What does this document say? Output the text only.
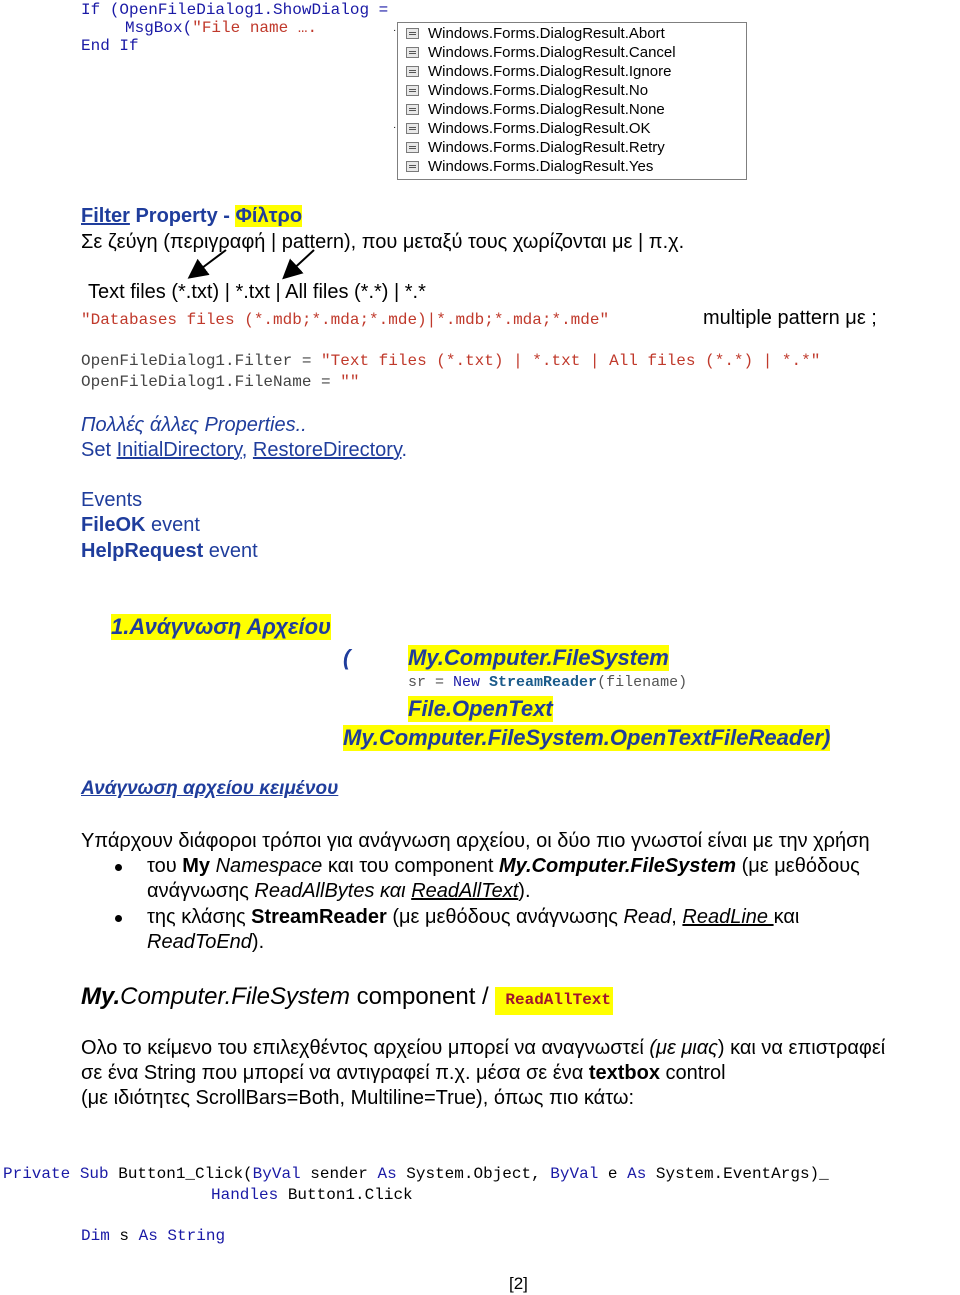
If (OpenFileDialog1.ShowDialog =
MsgBox("File name ….
End If
·
·
Windows.Forms.DialogResult.Abort
Windows.Forms.DialogResult.Cancel
Windows.Forms.DialogResult.Ignore
Windows.Forms.DialogResult.No
Windows.Forms.DialogResult.None
Windows.Forms.DialogResult.OK
Windows.Forms.DialogResult.Retry
Windows.Forms.DialogResult.Yes
Filter Property - Φίλτρο
Σε ζεύγη (περιγραφή | pattern), που μεταξύ τους χωρίζονται με | π.χ.
Text files (*.txt) | *.txt | All files (*.*) | *.*
"Databases files (*.mdb;*.mda;*.mde)|*.mdb;*.mda;*.mde"	multiple pattern με ;
OpenFileDialog1.Filter = "Text files (*.txt) | *.txt | All files (*.*) | *.*"
OpenFileDialog1.FileName = ""
Πολλές άλλες Properties..
Set InitialDirectory, RestoreDirectory.
Events
FileOK event
HelpRequest event
1.Ανάγνωση Αρχείου
(	My.Computer.FileSystem
sr = New StreamReader(filename)
File.OpenText
My.Computer.FileSystem.OpenTextFileReader)
Ανάγνωση αρχείου κειμένου
Υπάρχουν διάφοροι τρόποι για ανάγνωση αρχείου, οι δύο πιο γνωστοί είναι με την χρήση
του My Namespace και του component My.Computer.FileSystem (με μεθόδους
ανάγνωσης ReadAllBytes και ReadAllText).
της κλάσης StreamReader (με μεθόδους ανάγνωσης Read, ReadLine και
ReadToEnd).
My.Computer.FileSystem component / ReadAllText
Ολο το κείμενο του επιλεχθέντος αρχείου μπορεί να αναγνωστεί (με μιας) και να επιστραφεί
σε ένα String που μπορεί να αντιγραφεί π.χ. μέσα σε ένα textbox control
(με ιδιότητες ScrollBars=Both, Multiline=True), όπως πιο κάτω:
Private Sub Button1_Click(ByVal sender As System.Object, ByVal e As System.EventArgs)_
Handles Button1.Click
Dim s As String
[2]
